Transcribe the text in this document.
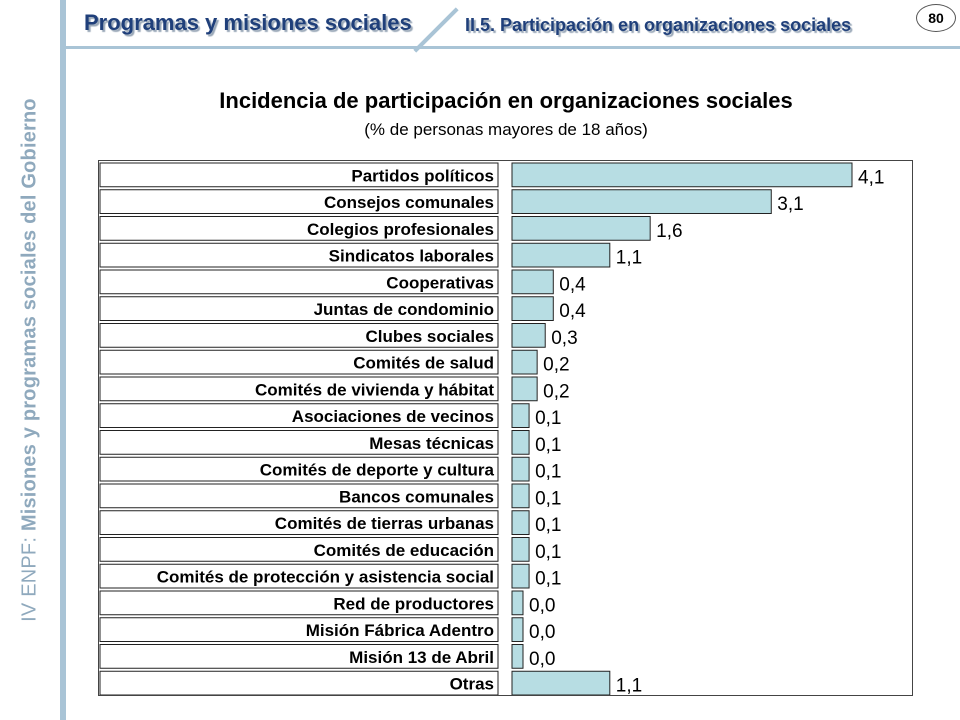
IV ENPF: Misiones y programas sociales del Gobierno
Programas y misiones sociales	II.5. Participación en organizaciones sociales	80
Incidencia de participación en organizaciones sociales
(% de personas mayores de 18 años)
Partidos políticos	4,1
Consejos comunales	3,1
Colegios profesionales	1,6
Sindicatos laborales	1,1
Cooperativas	0,4
Juntas de condominio	0,4
Clubes sociales	0,3
Comités de salud	0,2
Comités de vivienda y hábitat	0,2
Asociaciones de vecinos 0,1
Mesas técnicas 0,1
Comités de deporte y cultura 0,1
Bancos comunales 0,1
Comités de tierras urbanas 0,1
Comités de educación 0,1
Comités de protección y asistencia social 0,1
Red de productores 0,0
Misión Fábrica Adentro 0,0
Misión 13 de Abril 0,0
Otras	1,1
